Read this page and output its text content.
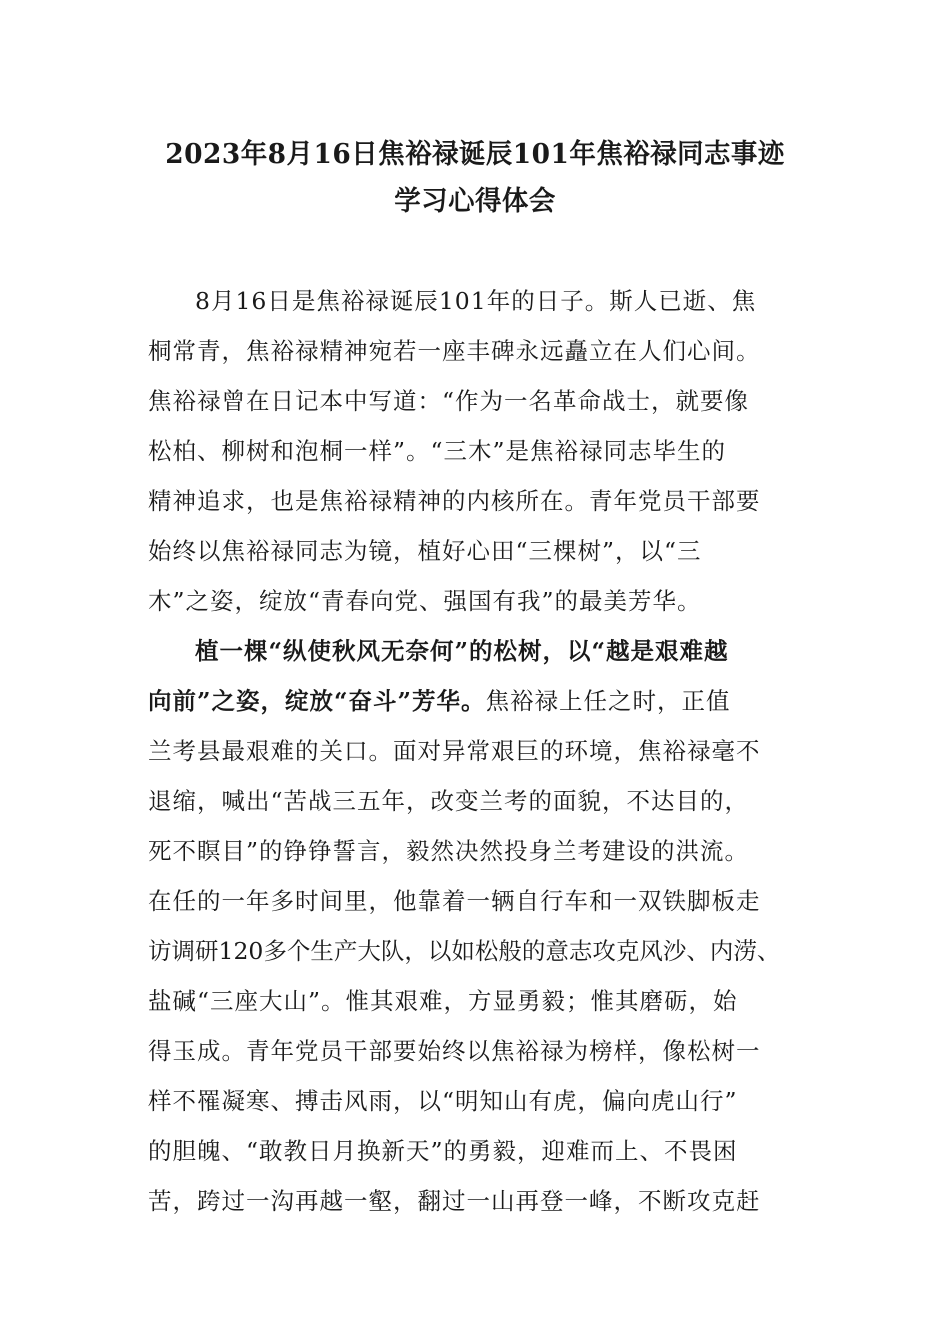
2023年8月16日焦裕禄诞辰101年焦裕禄同志事迹
学习心得体会
8月16日是焦裕禄诞辰101年的日子。斯人已逝、焦
桐常青，焦裕禄精神宛若一座丰碑永远矗立在人们心间。
焦裕禄曾在日记本中写道：“作为一名革命战士，就要像
松柏、柳树和泡桐一样”。“三木”是焦裕禄同志毕生的
精神追求，也是焦裕禄精神的内核所在。青年党员干部要
始终以焦裕禄同志为镜，植好心田“三棵树”，以“三
木”之姿，绽放“青春向党、强国有我”的最美芳华。
植一棵“纵使秋风无奈何”的松树，以“越是艰难越
向前”之姿，绽放“奋斗”芳华。焦裕禄上任之时，正值
兰考县最艰难的关口。面对异常艰巨的环境，焦裕禄毫不
退缩，喊出“苦战三五年，改变兰考的面貌，不达目的，
死不瞑目”的铮铮誓言，毅然决然投身兰考建设的洪流。
在任的一年多时间里，他靠着一辆自行车和一双铁脚板走
访调研120多个生产大队，以如松般的意志攻克风沙、内涝、
盐碱“三座大山”。惟其艰难，方显勇毅；惟其磨砺，始
得玉成。青年党员干部要始终以焦裕禄为榜样，像松树一
样不罹凝寒、搏击风雨，以“明知山有虎，偏向虎山行”
的胆魄、“敢教日月换新天”的勇毅，迎难而上、不畏困
苦，跨过一沟再越一壑，翻过一山再登一峰，不断攻克赶
